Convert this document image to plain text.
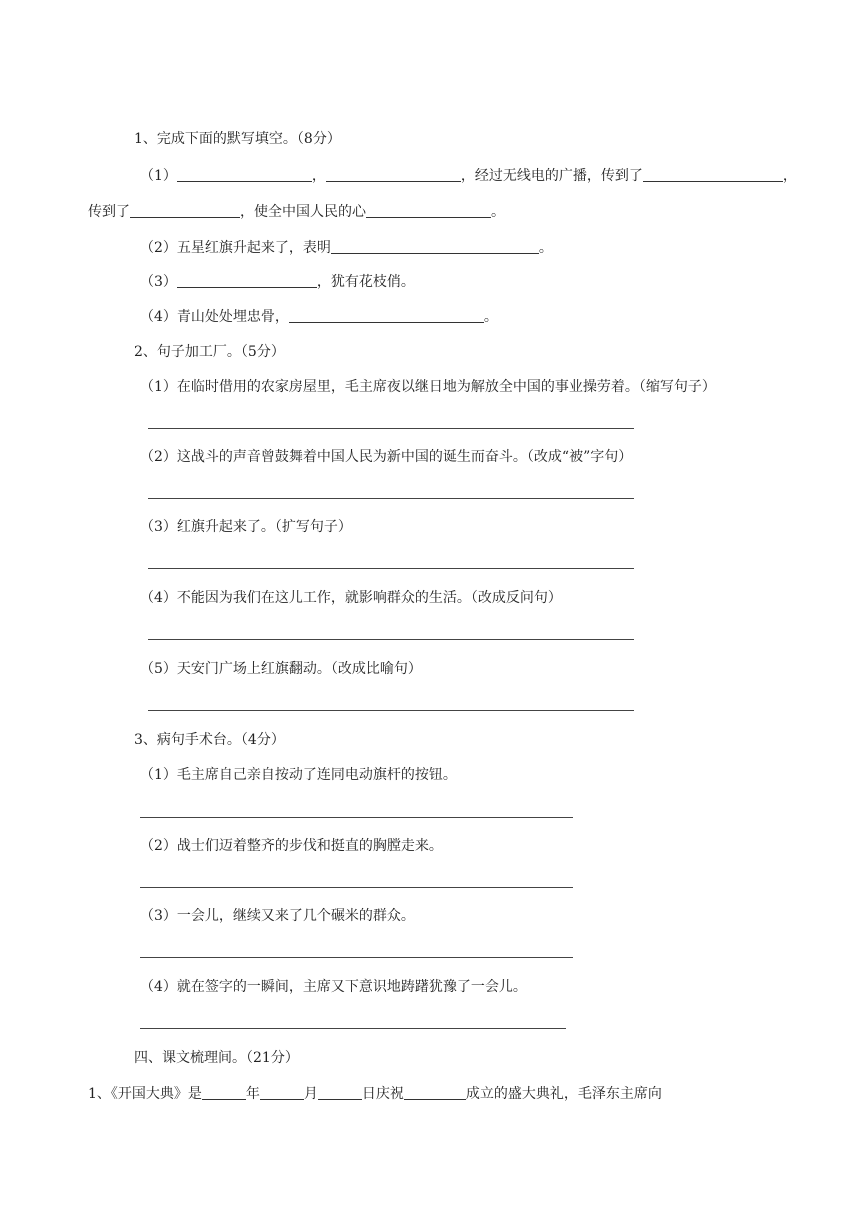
1、完成下面的默写填空。（8分）
（1）	，	，经过无线电的广播，传到了	，
传到了	，使全中国人民的心	。
（2）五星红旗升起来了，表明	。
（3）	，犹有花枝俏。
（4）青山处处埋忠骨，	。
2、句子加工厂。（5分）
（1）在临时借用的农家房屋里，毛主席夜以继日地为解放全中国的事业操劳着。（缩写句子）
（2）这战斗的声音曾鼓舞着中国人民为新中国的诞生而奋斗。（改成“被”字句）
（3）红旗升起来了。（扩写句子）
（4）不能因为我们在这儿工作，就影响群众的生活。（改成反问句）
（5）天安门广场上红旗翻动。（改成比喻句）
3、病句手术台。（4分）
（1）毛主席自己亲自按动了连同电动旗杆的按钮。
（2）战士们迈着整齐的步伐和挺直的胸膛走来。
（3）一会儿，继续又来了几个碾米的群众。
（4）就在签字的一瞬间，主席又下意识地踌躇犹豫了一会儿。
四、课文梳理间。（21分）
1、《开国大典》是	年	月	日庆祝	成立的盛大典礼，毛泽东主席向
